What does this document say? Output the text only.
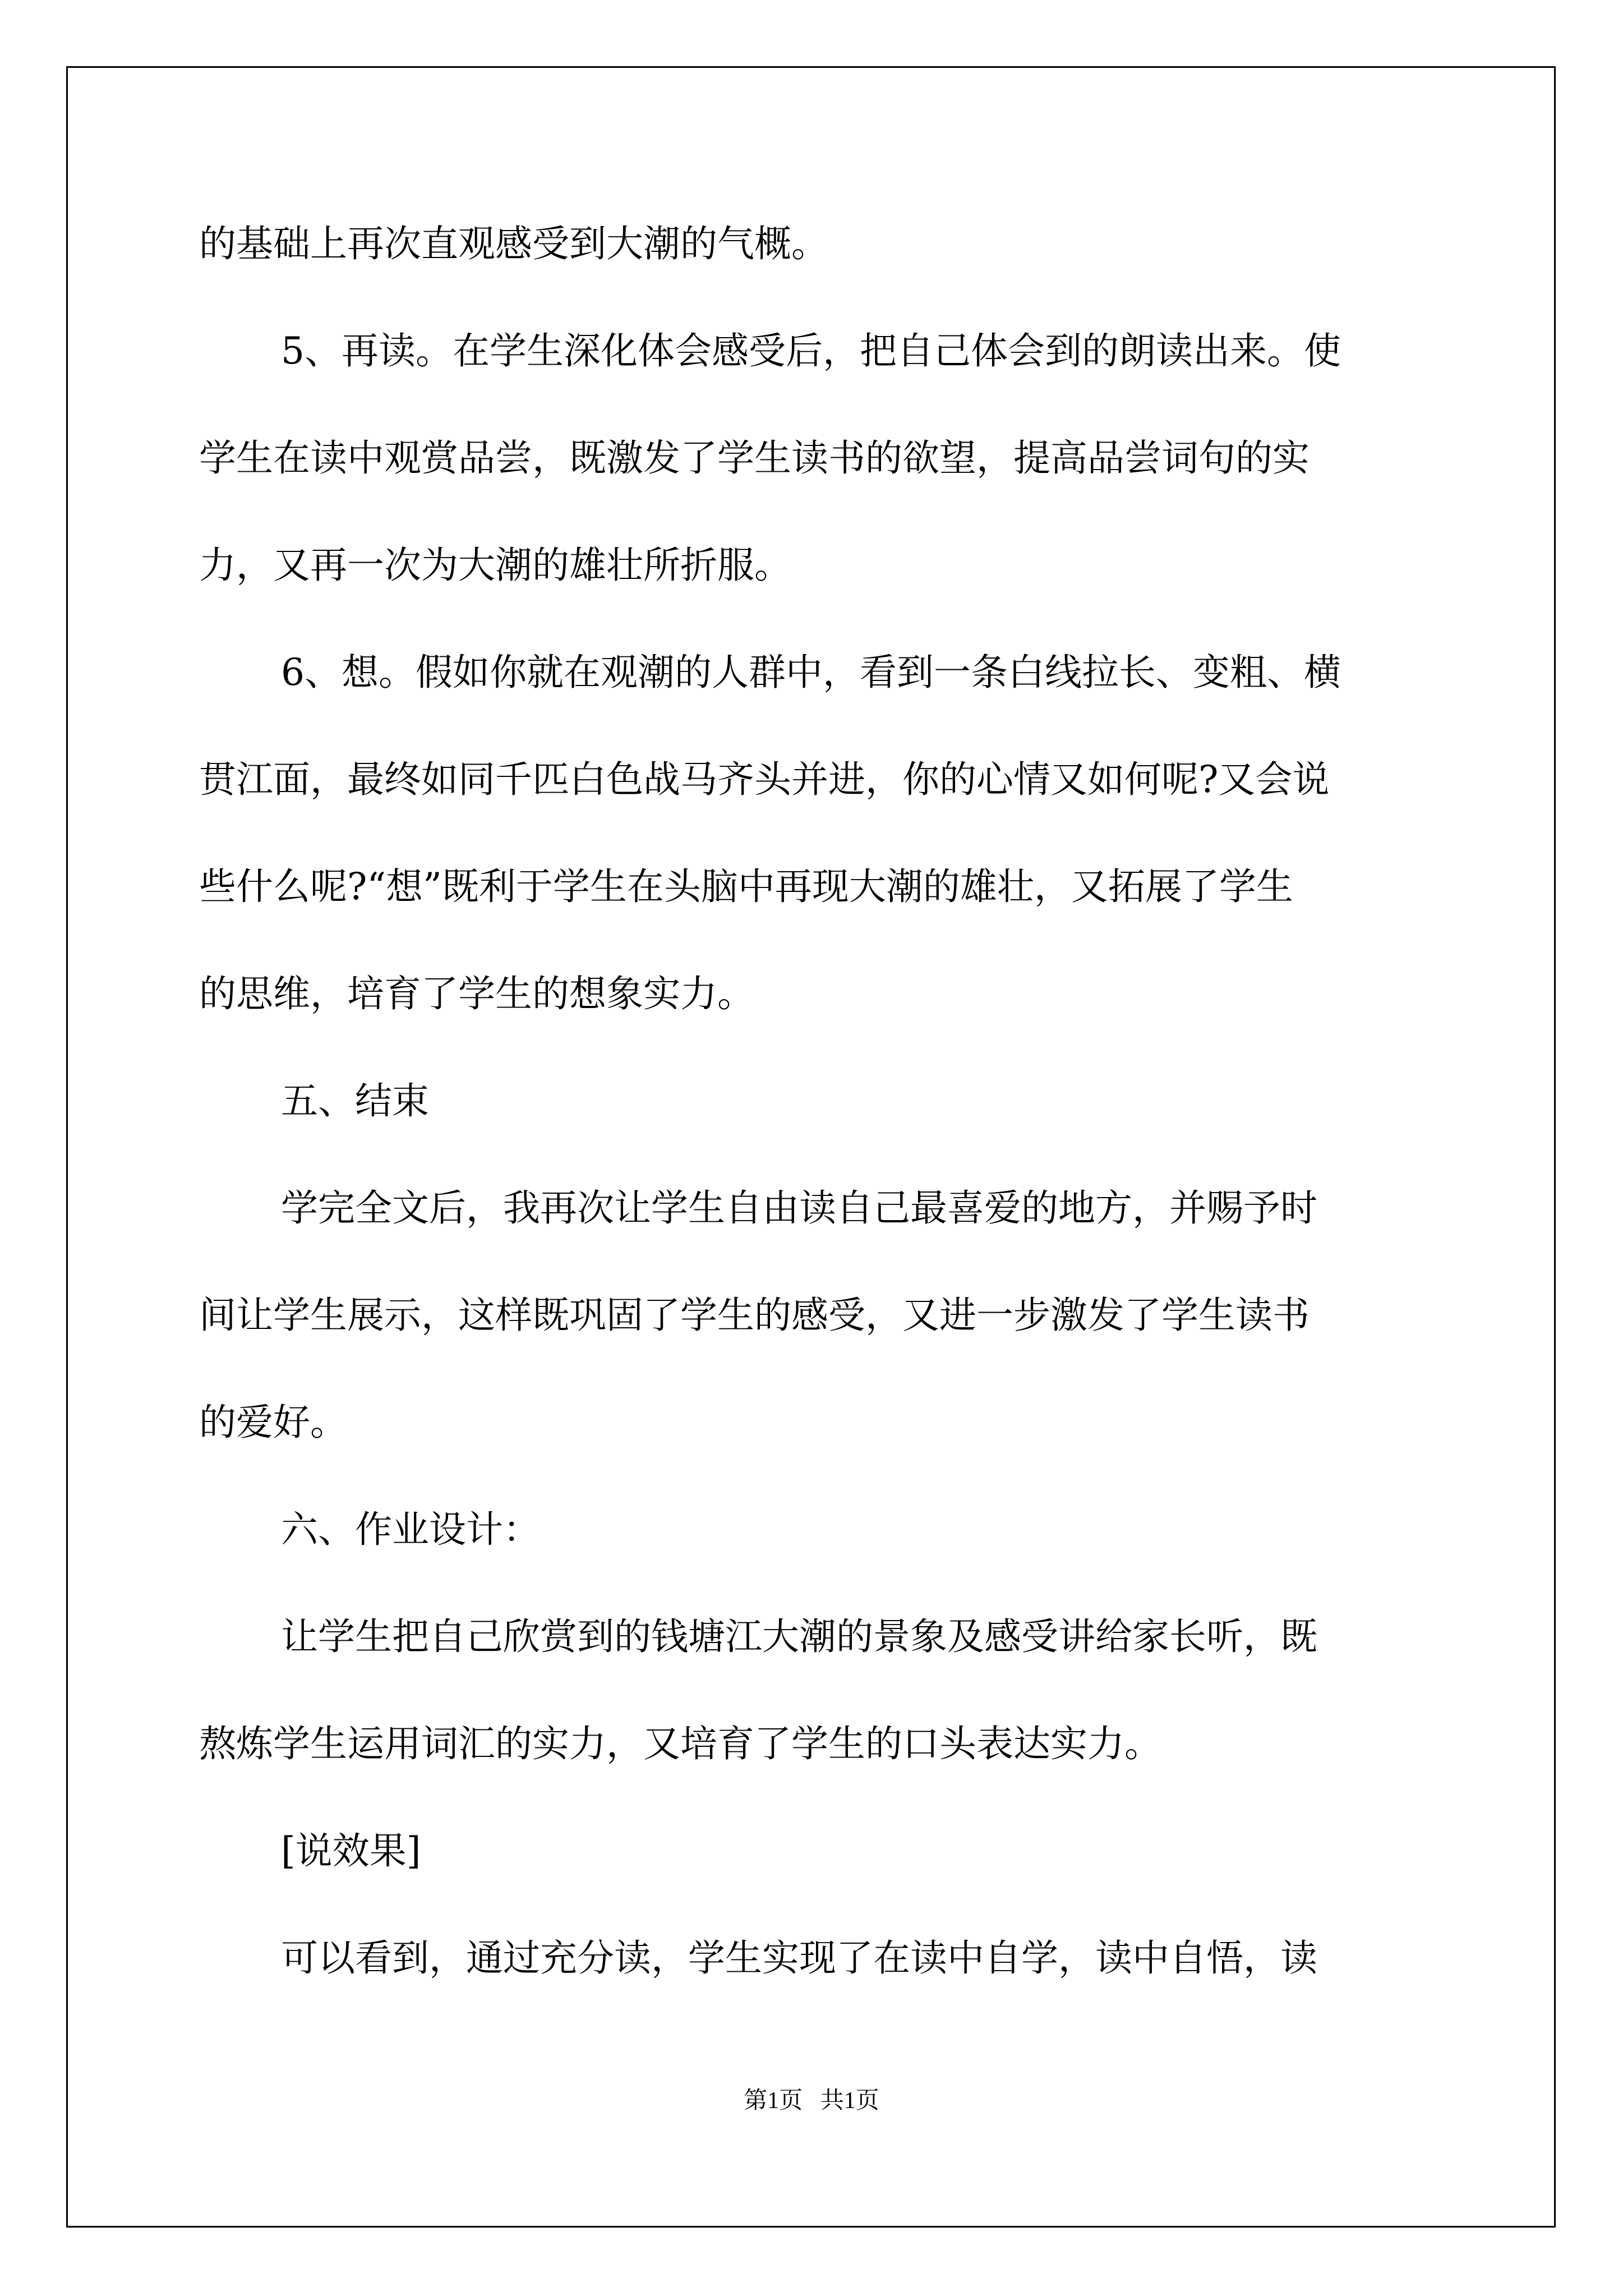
的基础上再次直观感受到大潮的气概。
5、再读。在学生深化体会感受后，把自己体会到的朗读出来。使
学生在读中观赏品尝，既激发了学生读书的欲望，提高品尝词句的实
力，又再一次为大潮的雄壮所折服。
6、想。假如你就在观潮的人群中，看到一条白线拉长、变粗、横
贯江面，最终如同千匹白色战马齐头并进，你的心情又如何呢?又会说
些什么呢?“想”既利于学生在头脑中再现大潮的雄壮，又拓展了学生
的思维，培育了学生的想象实力。
五、结束
学完全文后，我再次让学生自由读自己最喜爱的地方，并赐予时
间让学生展示，这样既巩固了学生的感受，又进一步激发了学生读书
的爱好。
六、作业设计：
让学生把自己欣赏到的钱塘江大潮的景象及感受讲给家长听，既
熬炼学生运用词汇的实力，又培育了学生的口头表达实力。
[说效果]
可以看到，通过充分读，学生实现了在读中自学，读中自悟，读
第1页   共1页
